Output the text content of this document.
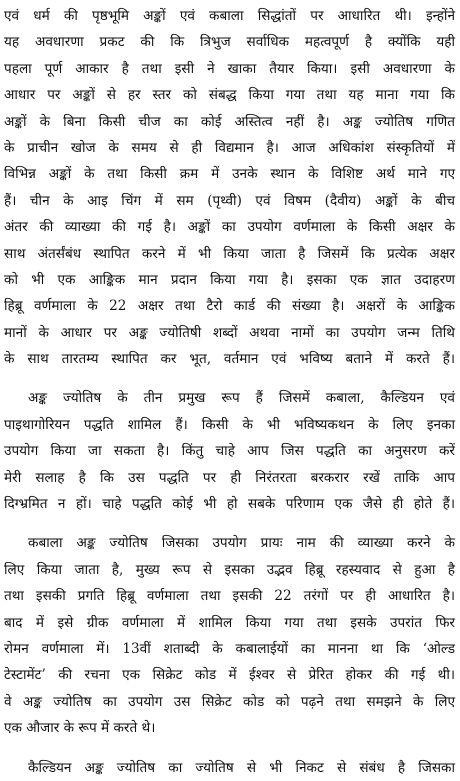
एवं धर्म की पृष्ठभूमि अङ्कों एवं कबाला सिद्धांतों पर आधारित थी। इन्होंने
यह अवधारणा प्रकट की कि त्रिभुज सर्वाधिक महत्वपूर्ण है क्योंकि यही
पहला पूर्ण आकार है तथा इसी ने खाका तैयार किया। इसी अवधारणा के
आधार पर अङ्कों से हर स्तर को संबद्ध किया गया तथा यह माना गया कि
अङ्कों के बिना किसी चीज का कोई अस्तित्व नहीं है। अङ्क ज्योतिष गणित
के प्राचीन खोज के समय से ही विद्यमान है। आज अधिकांश संस्कृतियों में
विभिन्न अङ्कों के तथा किसी क्रम में उनके स्थान के विशिष्ट अर्थ माने गए
हैं। चीन के आइ चिंग में सम (पृथ्वी) एवं विषम (दैवीय) अङ्कों के बीच
अंतर की व्याख्या की गई है। अङ्कों का उपयोग वर्णमाला के किसी अक्षर के
साथ अंतर्संबंध स्थापित करने में भी किया जाता है जिसमें कि प्रत्येक अक्षर
को भी एक आङ्किक मान प्रदान किया गया है। इसका एक ज्ञात उदाहरण
हिब्रू वर्णमाला के 22 अक्षर तथा टैरो कार्ड की संख्या है। अक्षरों के आङ्किक
मानों के आधार पर अङ्क ज्योतिषी शब्दों अथवा नामों का उपयोग जन्म तिथि
के साथ तारतम्य स्थापित कर भूत, वर्तमान एवं भविष्य बताने में करते हैं।

अङ्क ज्योतिष के तीन प्रमुख रूप हैं जिसमें कबाला, कैल्डियन एवं
पाइथागोरियन पद्धति शामिल हैं। किसी के भी भविष्यकथन के लिए इनका
उपयोग किया जा सकता है। किंतु चाहे आप जिस पद्धति का अनुसरण करें
मेरी सलाह है कि उस पद्धति पर ही निरंतरता बरकरार रखें ताकि आप
दिग्भ्रमित न हों। चाहे पद्धति कोई भी हो सबके परिणाम एक जैसे ही होते हैं।

कबाला अङ्क ज्योतिष जिसका उपयोग प्रायः नाम की व्याख्या करने के
लिए किया जाता है, मुख्य रूप से इसका उद्भव हिब्रू रहस्यवाद से हुआ है
तथा इसकी प्रगति हिब्रू वर्णमाला तथा इसकी 22 तरंगों पर ही आधारित है।
बाद में इसे ग्रीक वर्णमाला में शामिल किया गया तथा इसके उपरांत फिर
रोमन वर्णमाला में। 13वीं शताब्दी के कबालाईयों का मानना था कि ‘ओल्ड
टेस्टामेंट’ की रचना एक सिक्रेट कोड में ईश्वर से प्रेरित होकर की गई थी।
वे अङ्क ज्योतिष का उपयोग उस सिक्रेट कोड को पढ़ने तथा समझने के लिए
एक औजार के रूप में करते थे।

कैल्डियन अङ्क ज्योतिष का ज्योतिष से भी निकट से संबंध है जिसका
